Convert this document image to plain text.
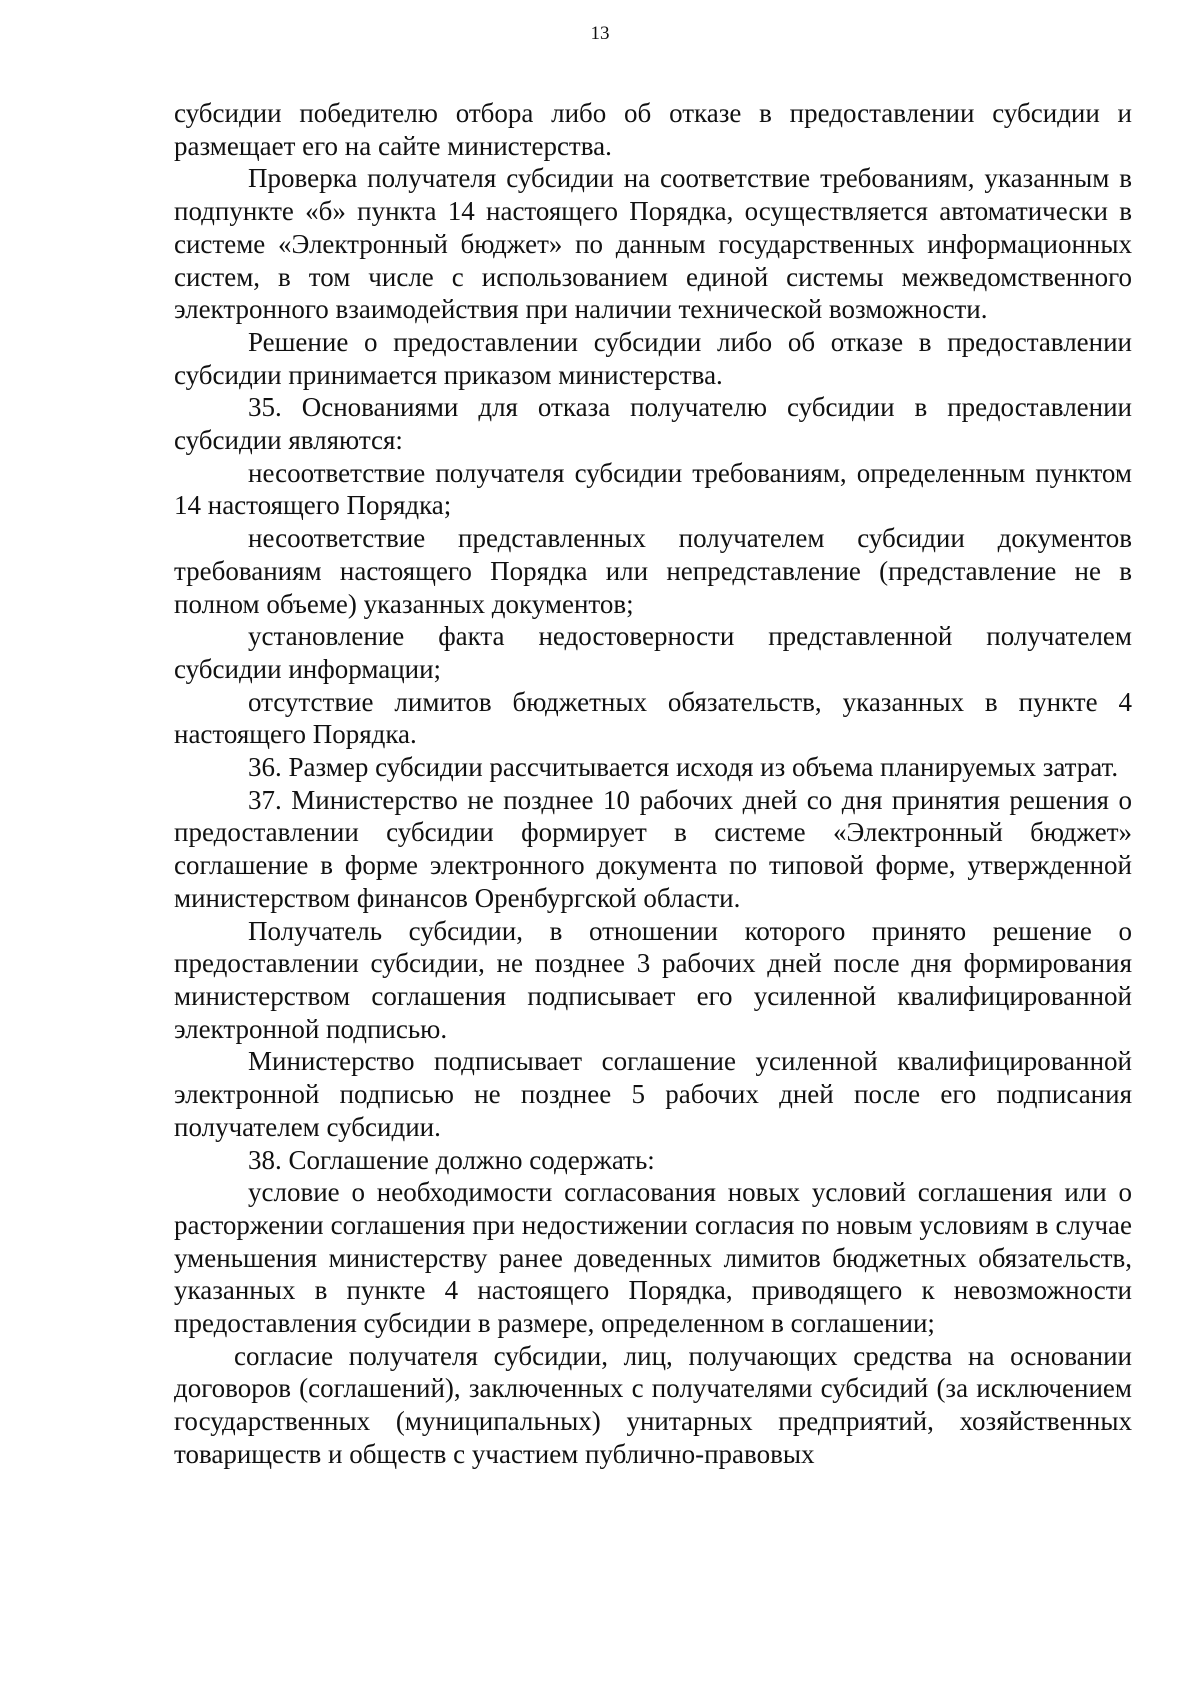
13

субсидии победителю отбора либо об отказе в предоставлении субсидии и размещает его на сайте министерства.

Проверка получателя субсидии на соответствие требованиям, указанным в подпункте «б» пункта 14 настоящего Порядка, осуществляется автоматически в системе «Электронный бюджет» по данным государственных информационных систем, в том числе с использованием единой системы межведомственного электронного взаимодействия при наличии технической возможности.

Решение о предоставлении субсидии либо об отказе в предоставлении субсидии принимается приказом министерства.

35. Основаниями для отказа получателю субсидии в предоставлении субсидии являются:

несоответствие получателя субсидии требованиям, определенным пунктом 14 настоящего Порядка;

несоответствие представленных получателем субсидии документов требованиям настоящего Порядка или непредставление (представление не в полном объеме) указанных документов;

установление факта недостоверности представленной получателем субсидии информации;

отсутствие лимитов бюджетных обязательств, указанных в пункте 4 настоящего Порядка.

36. Размер субсидии рассчитывается исходя из объема планируемых затрат.

37. Министерство не позднее 10 рабочих дней со дня принятия решения о предоставлении субсидии формирует в системе «Электронный бюджет» соглашение в форме электронного документа по типовой форме, утвержденной министерством финансов Оренбургской области.

Получатель субсидии, в отношении которого принято решение о предоставлении субсидии, не позднее 3 рабочих дней после дня формирования министерством соглашения подписывает его усиленной квалифицированной электронной подписью.

Министерство подписывает соглашение усиленной квалифицированной электронной подписью не позднее 5 рабочих дней после его подписания получателем субсидии.

38. Соглашение должно содержать:

условие о необходимости согласования новых условий соглашения или о расторжении соглашения при недостижении согласия по новым условиям в случае уменьшения министерству ранее доведенных лимитов бюджетных обязательств, указанных в пункте 4 настоящего Порядка, приводящего к невозможности предоставления субсидии в размере, определенном в соглашении;

согласие получателя субсидии, лиц, получающих средства на основании договоров (соглашений), заключенных с получателями субсидий (за исключением государственных (муниципальных) унитарных предприятий, хозяйственных товариществ и обществ с участием публично-правовых
